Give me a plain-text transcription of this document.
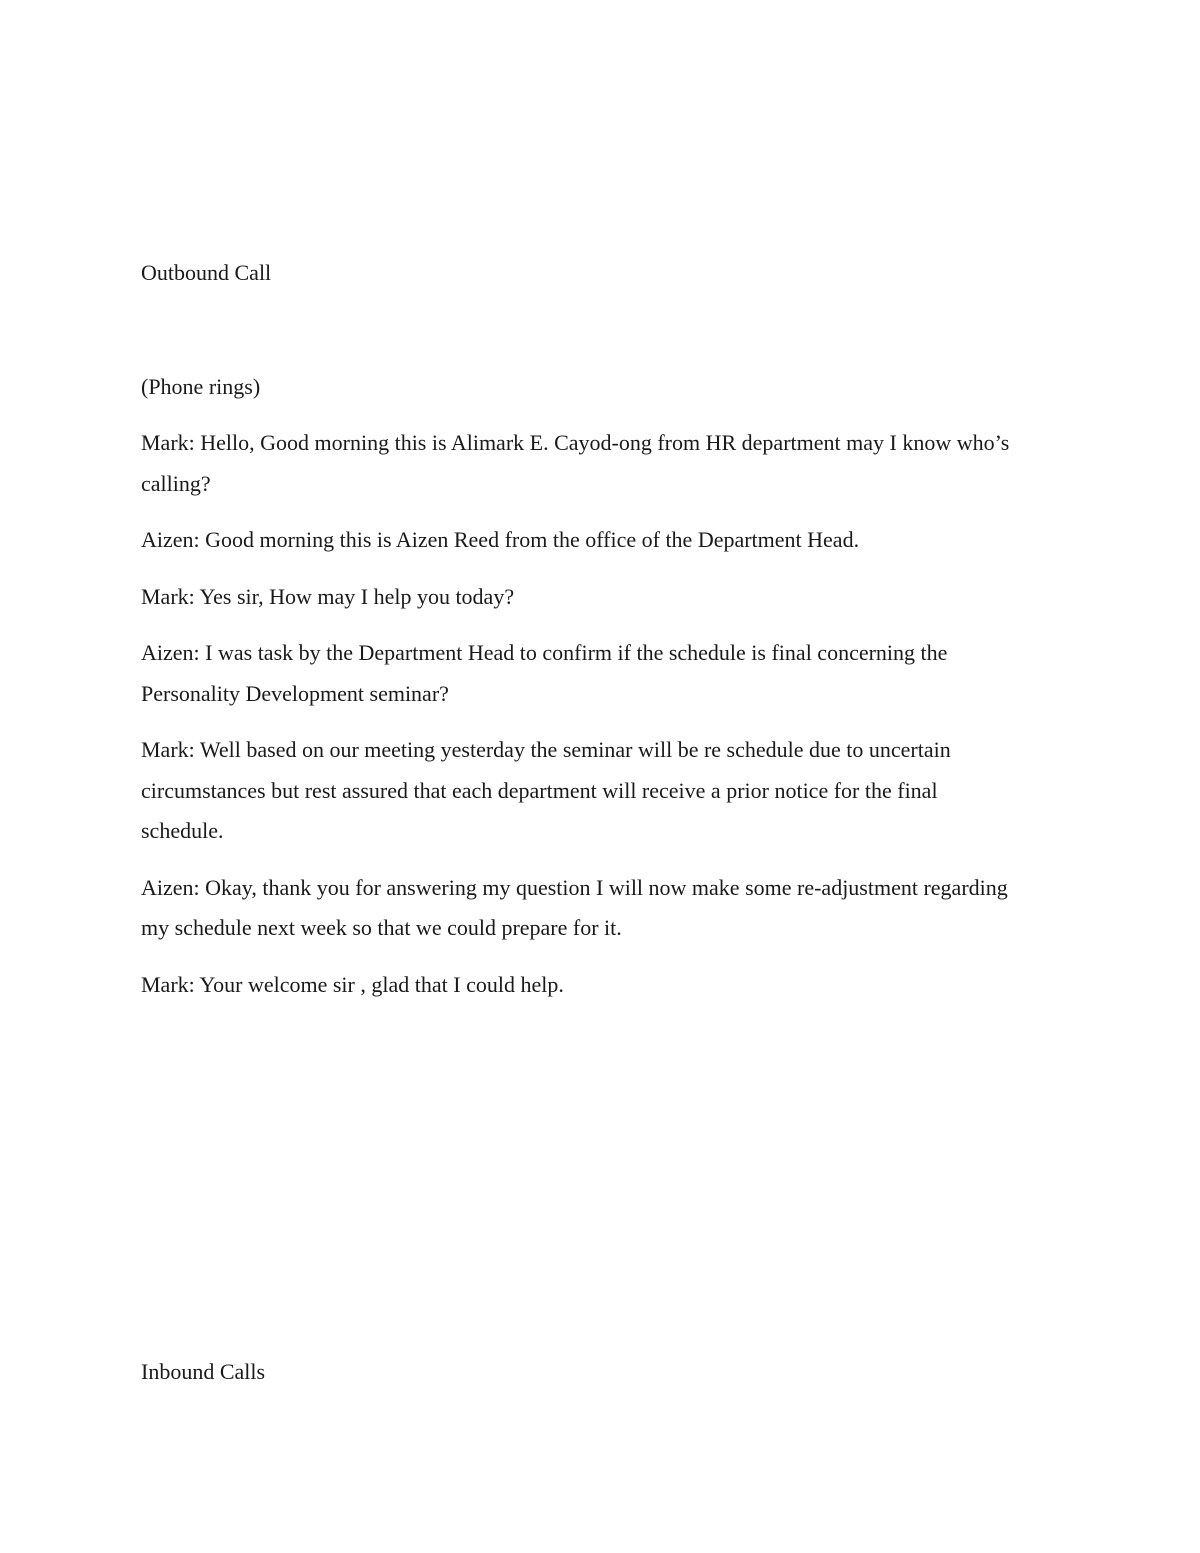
Outbound Call

(Phone rings)

Mark: Hello, Good morning this is Alimark E. Cayod-ong from HR department may I know who’s calling?

Aizen: Good morning this is Aizen Reed from the office of the Department Head.

Mark: Yes sir, How may I help you today?

Aizen: I was task by the Department Head to confirm if the schedule is final concerning the Personality Development seminar?

Mark: Well based on our meeting yesterday the seminar will be re schedule due to uncertain circumstances but rest assured that each department will receive a prior notice for the final schedule.

Aizen: Okay, thank you for answering my question I will now make some re-adjustment regarding my schedule next week so that we could prepare for it.

Mark: Your welcome sir , glad that I could help.

Inbound Calls
